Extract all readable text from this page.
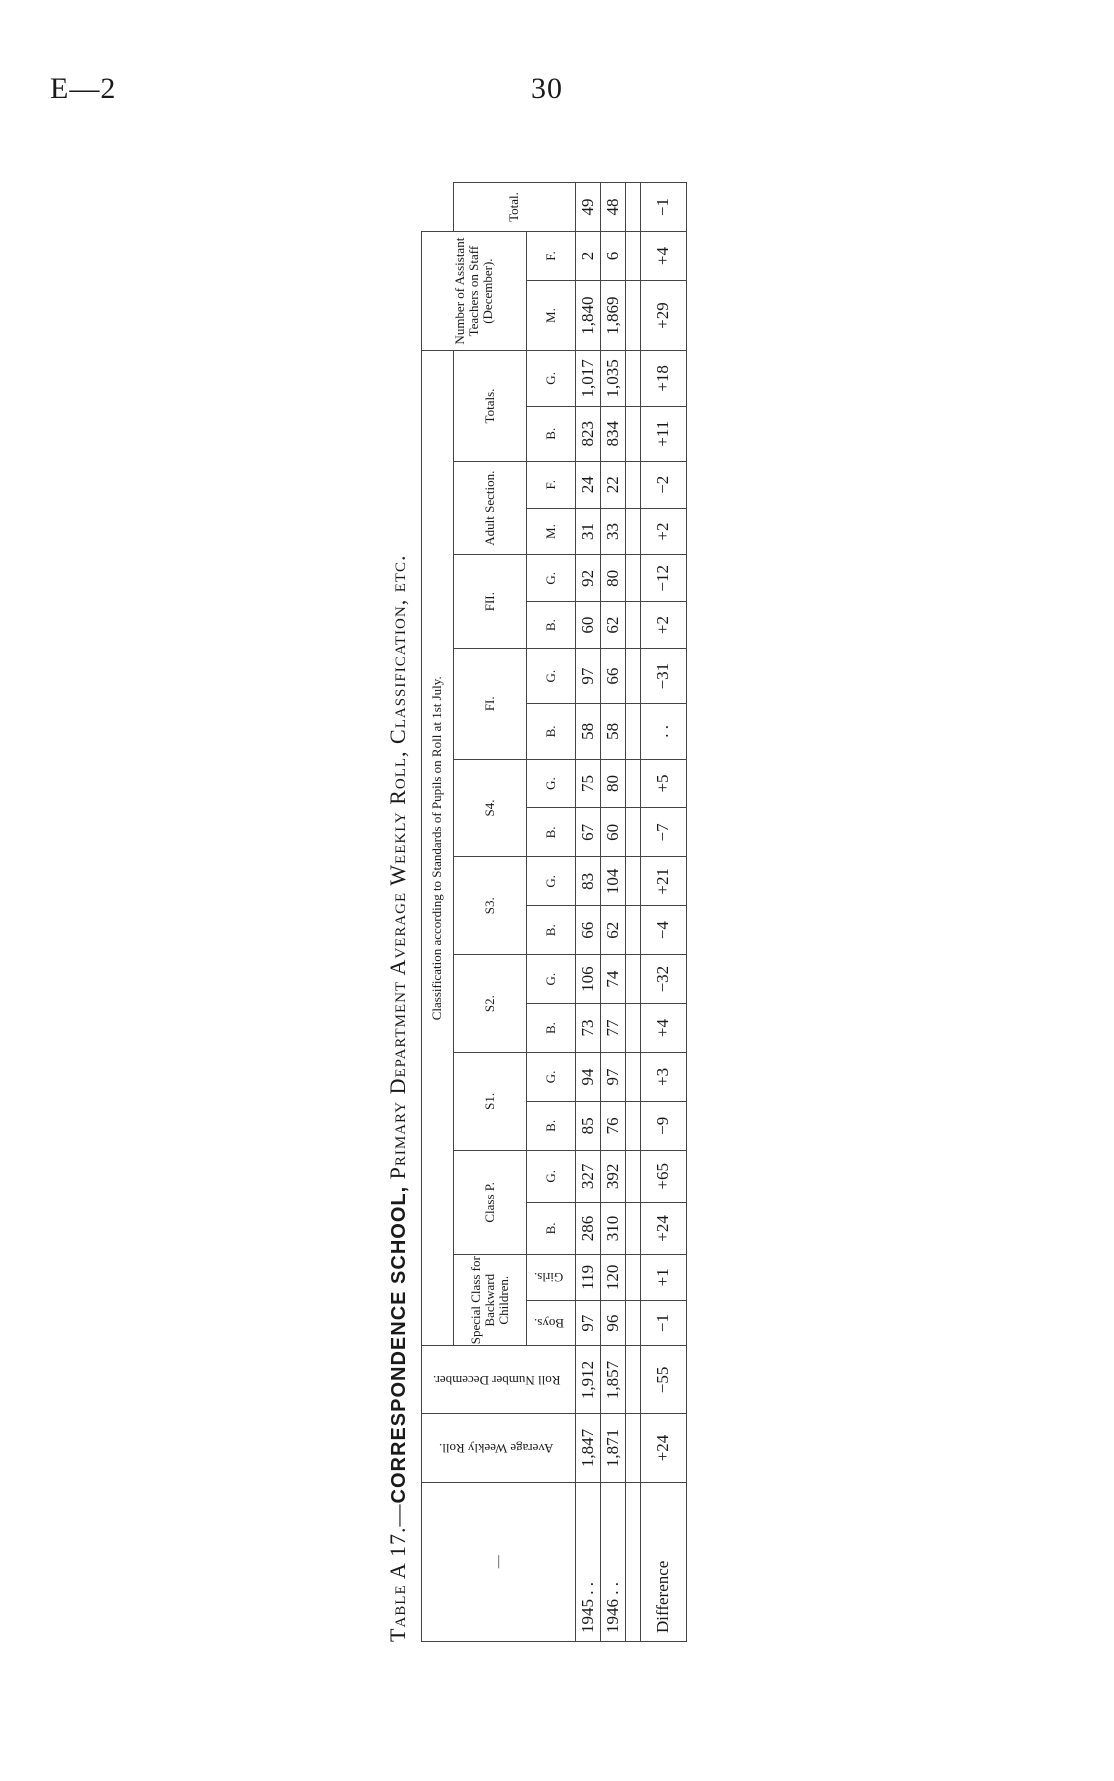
E—2	30
Table A 17.—CORRESPONDENCE SCHOOL, Primary Department Average Weekly Roll, Classification, etc.
—	Average Weekly Roll.	Roll Number December.	Classification according to Standards of Pupils on Roll at 1st July.																				Number of Assistant Teachers on Staff (December).		
			Special Class for Backward Children.		Class P.		S1.		S2.		S3.		S4.		FI.		FII.		Adult Section.		Totals.				Total.
			Boys.	Girls.	B.	G.	B.	G.	B.	G.	B.	G.	B.	G.	B.	G.	B.	G.	M.	F.	B.	G.	M.	F.	
1945 . .	1,847	1,912	97	119	286	327	85	94	73	106	66	83	67	75	58	97	60	92	31	24	823	1,017	1,840	2	49
1946 . .	1,871	1,857	96	120	310	392	76	97	77	74	62	104	60	80	58	66	62	80	33	22	834	1,035	1,869	6	48

Difference	+24	−55	−1	+1	+24	+65	−9	+3	+4	−32	−4	+21	−7	+5	. .	−31	+2	−12	+2	−2	+11	+18	+29	+4	−1
